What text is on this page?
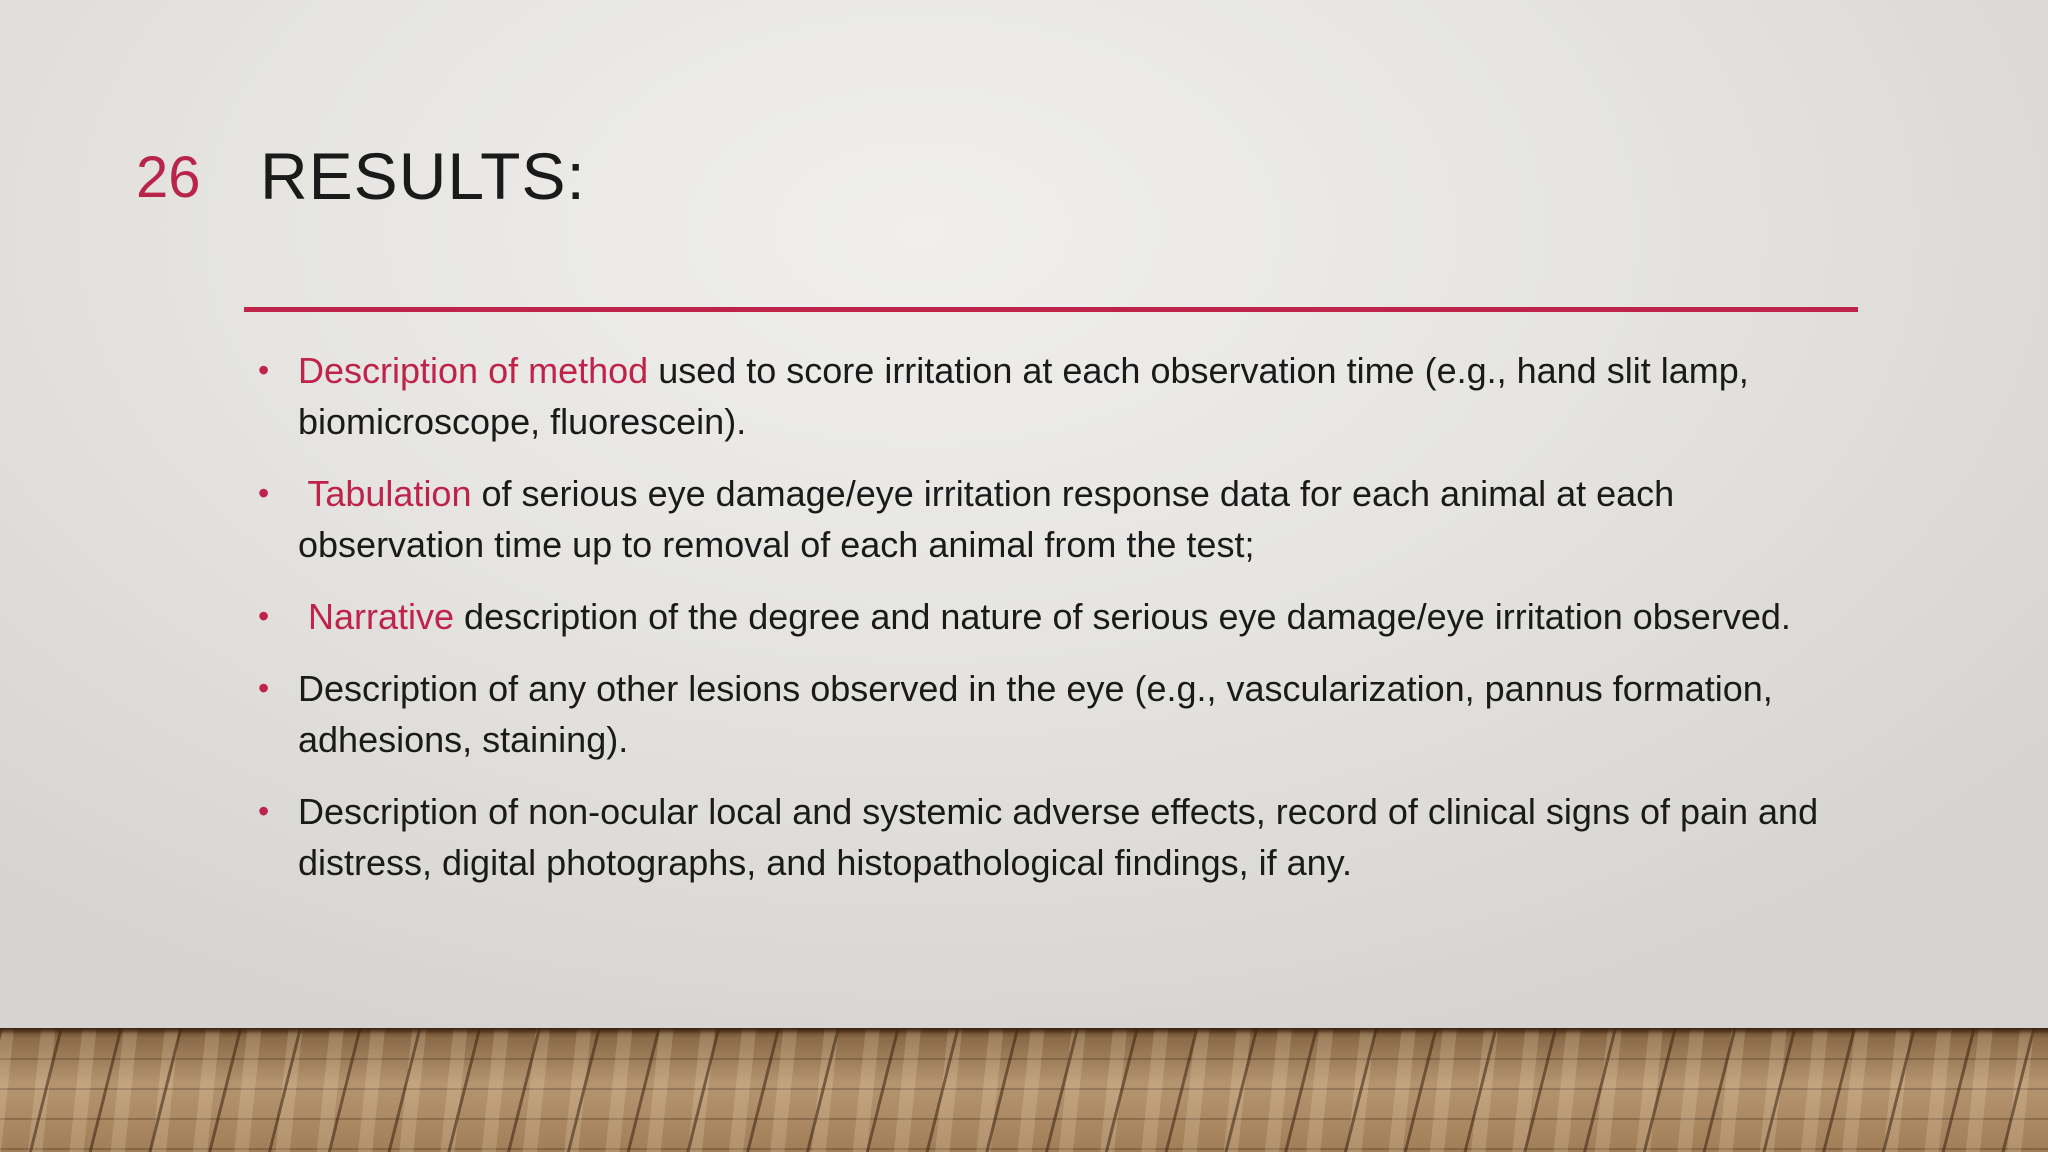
26 RESULTS:
• Description of method used to score irritation at each observation time (e.g., hand slit lamp, biomicroscope, fluorescein).
• Tabulation of serious eye damage/eye irritation response data for each animal at each observation time up to removal of each animal from the test;
• Narrative description of the degree and nature of serious eye damage/eye irritation observed.
• Description of any other lesions observed in the eye (e.g., vascularization, pannus formation, adhesions, staining).
• Description of non-ocular local and systemic adverse effects, record of clinical signs of pain and distress, digital photographs, and histopathological findings, if any.
